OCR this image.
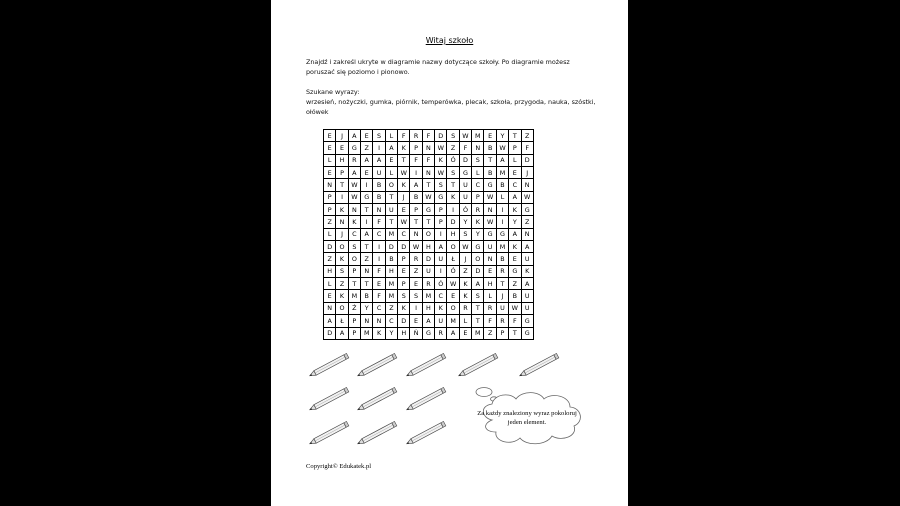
Witaj szkoło
Znajdź i zakreśl ukryte w diagramie nazwy dotyczące szkoły. Po diagramie możesz poruszać się poziomo i pionowo.
Szukane wyrazy:
wrzesień, nożyczki, gumka, piórnik, temperówka, plecak, szkoła, przygoda, nauka, szóstki, ołówek
E	J	A	E	S	L	F	R	F	D	S	W	M	E	Y	T	Z
E	E	G	Z	I	A	K	P	N	W	Z	F	N	B	W	P	F
L	H	R	A	A	E	T	F	F	K	Ó	D	S	T	A	L	D
E	P	A	E	U	L	W	I	N	W	S	G	L	B	M	E	J
N	T	W	I	B	O	K	A	T	S	T	U	C	G	B	C	N
P	I	W	G	B	T	J	B	W	G	K	U	P	W	L	A	W
P	K	N	T	N	U	E	P	G	P	I	Ó	R	N	I	K	G
Z	N	K	I	F	T	W	T	T	P	D	Y	K	W	I	Y	Z
L	J	C	A	C	M	C	N	O	I	H	S	Y	G	G	A	N
D	O	S	T	I	D	D	W	H	A	O	W	G	U	M	K	A
Z	K	O	Z	I	B	P	R	D	U	Ł	J	O	N	B	E	U
H	S	P	N	F	H	E	Z	U	I	Ó	Z	D	E	R	G	K
L	Z	T	T	E	M	P	E	R	Ó	W	K	A	H	T	Z	A
E	K	M	B	F	M	S	S	M	C	E	K	S	L	J	B	U
N	O	Ż	Y	C	Z	K	I	H	K	O	R	T	R	U	W	U
A	Ł	P	N	N	C	D	E	A	U	M	L	T	F	R	F	G
D	A	P	M	K	Y	H	Ń	G	R	A	E	M	Z	P	T	G
Za każdy znaleziony wyraz pokoloruj jeden element.
Copyright© Edukatek.pl
